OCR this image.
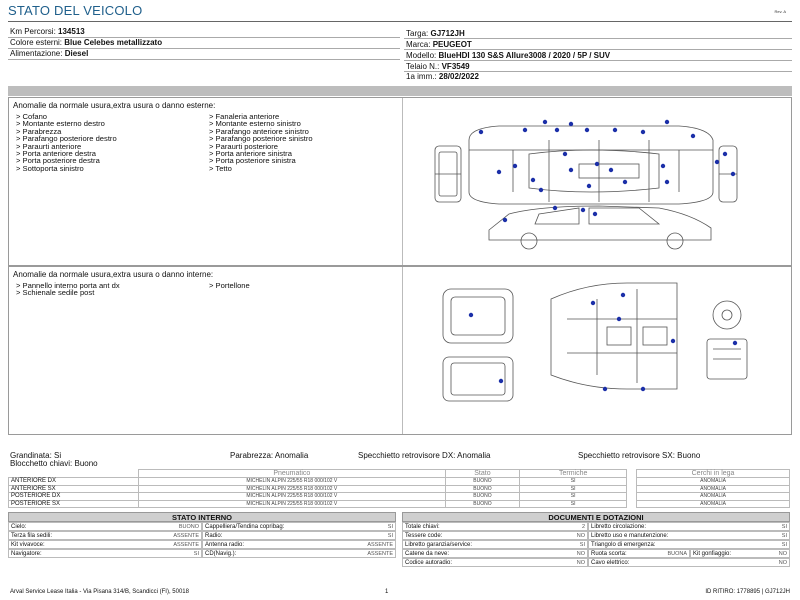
STATO DEL VEICOLO	Rev. A
Km Percorsi: 134513
Colore esterni: Blue Celebes metallizzato
Alimentazione: Diesel
Targa: GJ712JH
Marca: PEUGEOT
Modello: BlueHDI 130 S&S Allure3008 / 2020 / 5P / SUV
Telaio N.: VF3549
1a imm.: 28/02/2022
Anomalie da normale usura,extra usura o danno esterne:
> Cofano
> Montante esterno destro
> Parabrezza
> Parafango posteriore destro
> Paraurti anteriore
> Porta anteriore destra
> Porta posteriore destra
> Sottoporta sinistro
> Fanaleria anteriore
> Montante esterno sinistro
> Parafango anteriore sinistro
> Parafango posteriore sinistro
> Paraurti posteriore
> Porta anteriore sinistra
> Porta posteriore sinistra
> Tetto
Anomalie da normale usura,extra usura o danno interne:
> Pannello interno porta ant dx
> Schienale sedile post
> Portellone
Grandinata: Si	Parabrezza: Anomalia	Specchietto retrovisore DX: Anomalia	Specchietto retrovisore SX: Buono
Blocchetto chiavi: Buono
	Pneumatico	Stato	Termiche		Cerchi in lega
ANTERIORE DX	MICHELIN ALPIN 225/55 R18 000/102 V	BUONO	SI		ANOMALIA
ANTERIORE SX	MICHELIN ALPIN 225/55 R18 000/102 V	BUONO	SI		ANOMALIA
POSTERIORE DX	MICHELIN ALPIN 225/55 R18 000/102 V	BUONO	SI		ANOMALIA
POSTERIORE SX	MICHELIN ALPIN 225/55 R18 000/102 V	BUONO	SI		ANOMALIA
STATO INTERNO
Cielo:	BUONO	Cappelliera/Tendina copribag:	SI
Terza fila sedili:	ASSENTE	Radio:	SI
Kit vivavoce:	ASSENTE	Antenna radio:	ASSENTE
Navigatore:	SI	CD(Navig.):	ASSENTE
DOCUMENTI E DOTAZIONI
Totale chiavi:	2	Libretto circolazione:	SI
Tessere code:	NO	Libretto uso e manutenzione:	SI
Libretto garanzia/service:	SI	Triangolo di emergenza:	SI
Catene da neve:	NO	Ruota scorta:	BUONA	Kit gonfiaggio:	NO
Codice autoradio:	NO	Cavo elettrico:	NO
Arval Service Lease Italia - Via Pisana 314/B, Scandicci (FI), 50018	1	ID RITIRO: 1778895 | GJ712JH
